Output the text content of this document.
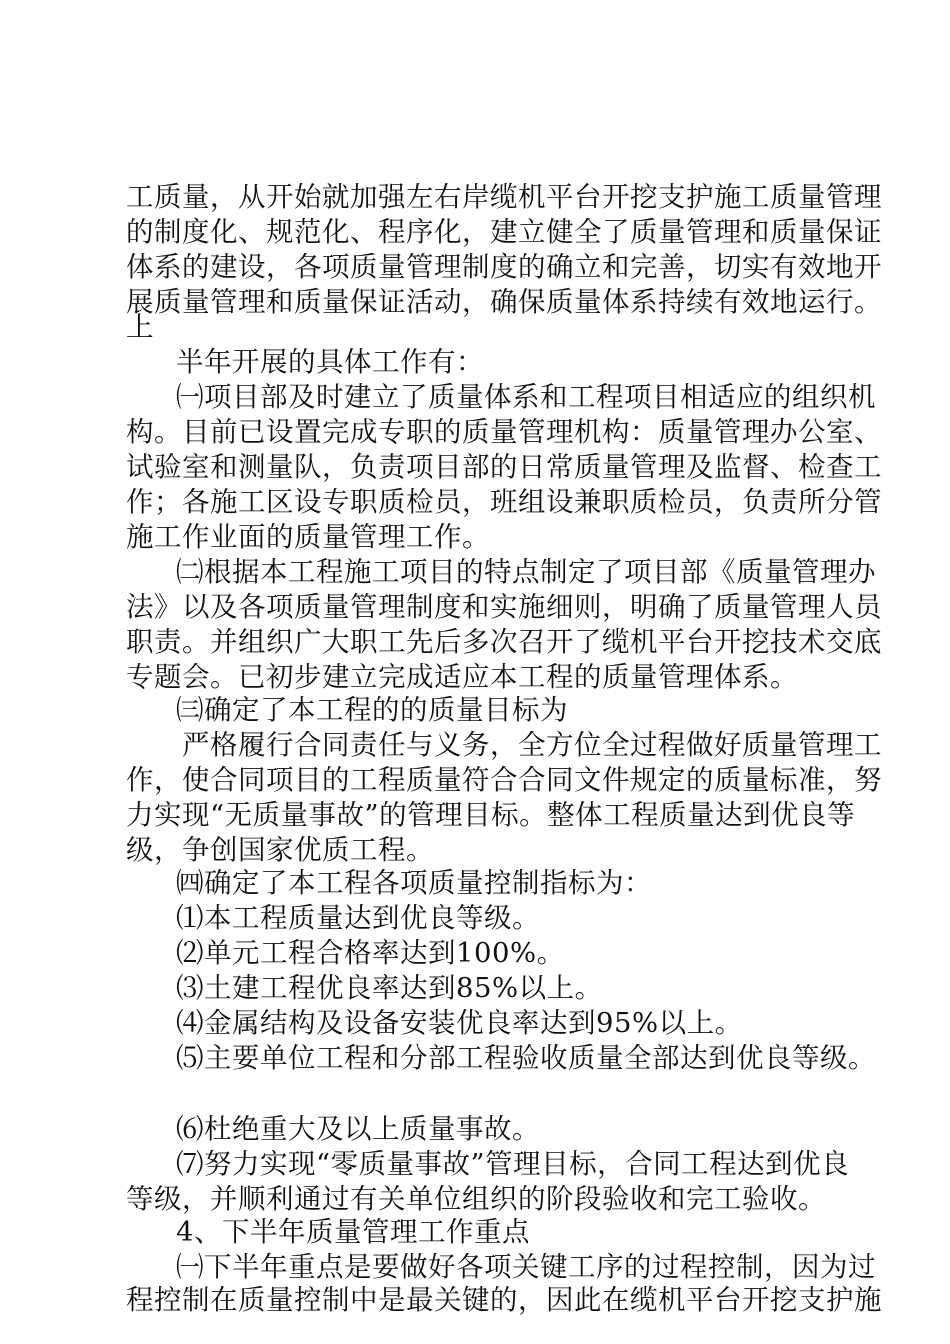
工质量，从开始就加强左右岸缆机平台开挖支护施工质量管理
的制度化、规范化、程序化，建立健全了质量管理和质量保证
体系的建设，各项质量管理制度的确立和完善，切实有效地开
展质量管理和质量保证活动，确保质量体系持续有效地运行。
上
半年开展的具体工作有：
㈠项目部及时建立了质量体系和工程项目相适应的组织机
构。目前已设置完成专职的质量管理机构：质量管理办公室、
试验室和测量队，负责项目部的日常质量管理及监督、检查工
作；各施工区设专职质检员，班组设兼职质检员，负责所分管
施工作业面的质量管理工作。
㈡根据本工程施工项目的特点制定了项目部《质量管理办
法》以及各项质量管理制度和实施细则，明确了质量管理人员
职责。并组织广大职工先后多次召开了缆机平台开挖技术交底
专题会。已初步建立完成适应本工程的质量管理体系。
㈢确定了本工程的的质量目标为
严格履行合同责任与义务，全方位全过程做好质量管理工
作，使合同项目的工程质量符合合同文件规定的质量标准，努
力实现“无质量事故”的管理目标。整体工程质量达到优良等
级，争创国家优质工程。
㈣确定了本工程各项质量控制指标为：
⑴本工程质量达到优良等级。
⑵单元工程合格率达到100%。
⑶土建工程优良率达到85%以上。
⑷金属结构及设备安装优良率达到95%以上。
⑸主要单位工程和分部工程验收质量全部达到优良等级。
⑹杜绝重大及以上质量事故。
⑺努力实现“零质量事故”管理目标，合同工程达到优良
等级，并顺利通过有关单位组织的阶段验收和完工验收。
4、下半年质量管理工作重点
㈠下半年重点是要做好各项关键工序的过程控制，因为过
程控制在质量控制中是最关键的，因此在缆机平台开挖支护施
